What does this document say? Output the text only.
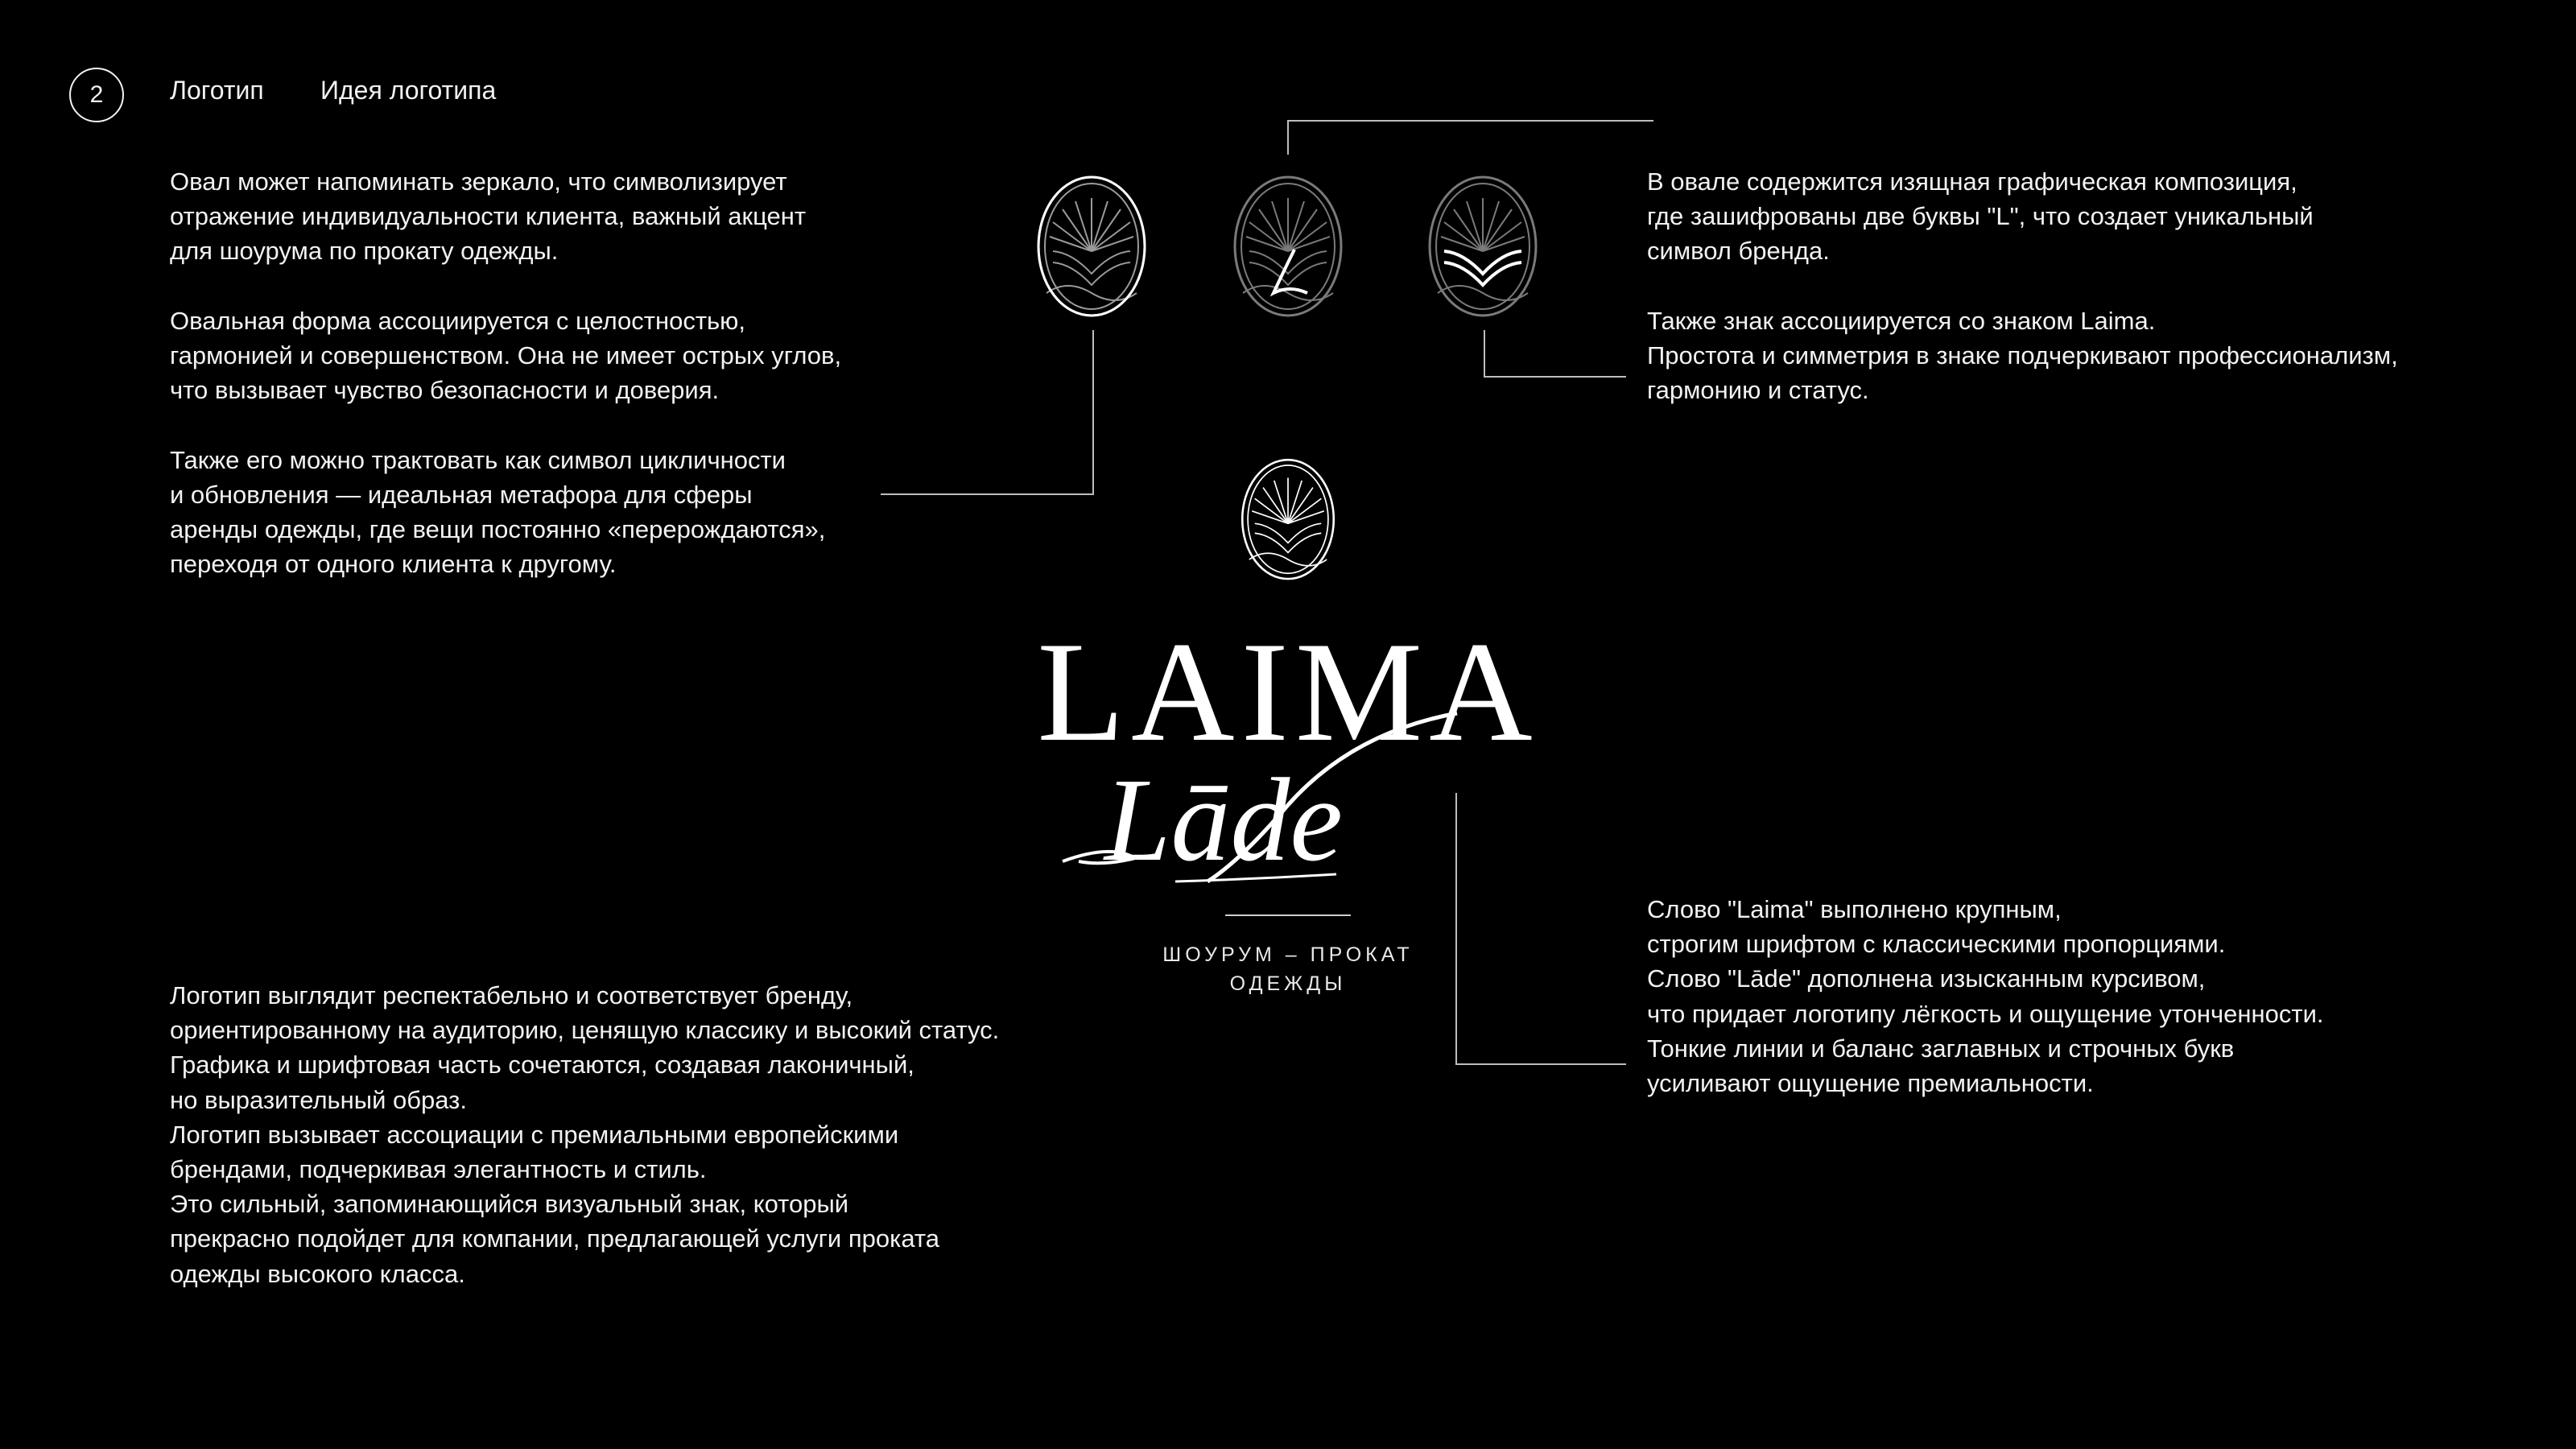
2	Логотип Идея логотипа
LAIMA
Lāde
ШОУРУМ – ПРОКАТ
ОДЕЖДЫ

Овал может напоминать зеркало, что символизирует

отражение индивидуальности клиента, важный акцент

для шоурума по прокату одежды.

Овальная форма ассоциируется с целостностью,

гармонией и совершенством. Она не имеет острых углов,

что вызывает чувство безопасности и доверия.

Также его можно трактовать как символ цикличности

и обновления — идеальная метафора для сферы

аренды одежды, где вещи постоянно «перерождаются»,

переходя от одного клиента к другому.

В овале содержится изящная графическая композиция,

где зашифрованы две буквы "L", что создает уникальный

символ бренда.

Также знак ассоциируется со знаком Laima.

Простота и симметрия в знаке подчеркивают профессионализм,

гармонию и статус.

Слово "Laima" выполнено крупным,

строгим шрифтом с классическими пропорциями.

Слово "Lāde" дополнена изысканным курсивом,

что придает логотипу лёгкость и ощущение утонченности.

Тонкие линии и баланс заглавных и строчных букв

усиливают ощущение премиальности.

Логотип выглядит респектабельно и соответствует бренду,

ориентированному на аудиторию, ценящую классику и высокий статус.

Графика и шрифтовая часть сочетаются, создавая лаконичный,

но выразительный образ.

Логотип вызывает ассоциации с премиальными европейскими

брендами, подчеркивая элегантность и стиль.

Это сильный, запоминающийся визуальный знак, который

прекрасно подойдет для компании, предлагающей услуги проката

одежды высокого класса.
